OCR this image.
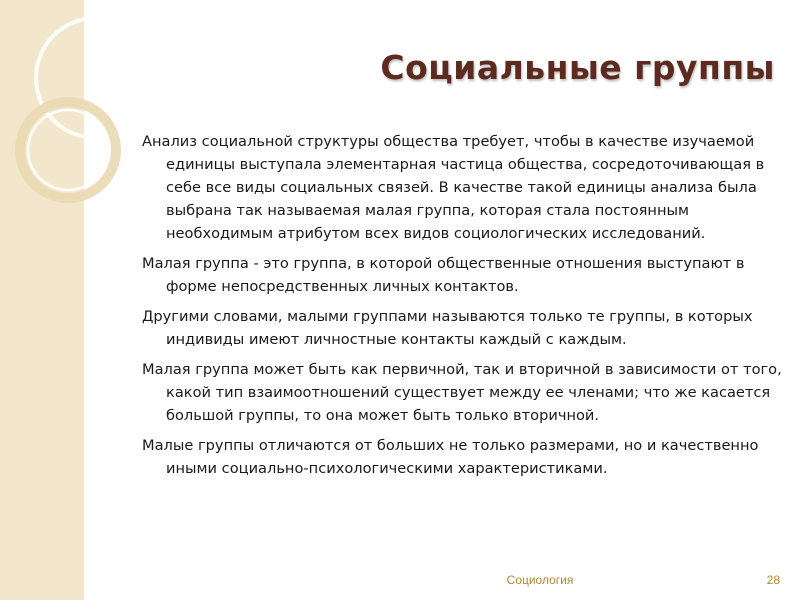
Социальные группы

Анализ социальной структуры общества требует, чтобы в качестве изучаемой единицы выступала элементарная частица общества, сосредоточивающая в себе все виды социальных связей. В качестве такой единицы анализа была выбрана так называемая малая группа, которая стала постоянным необходимым атрибутом всех видов социологических исследований.

Малая группа - это группа, в которой общественные отношения выступают в форме непосредственных личных контактов.

Другими словами, малыми группами называются только те группы, в которых индивиды имеют личностные контакты каждый с каждым.

Малая группа может быть как первичной, так и вторичной в зависимости от того, какой тип взаимоотношений существует между ее членами; что же касается большой группы, то она может быть только вторичной.

Малые группы отличаются от больших не только размерами, но и качественно иными социально-психологическими характеристиками.

Социология	28
